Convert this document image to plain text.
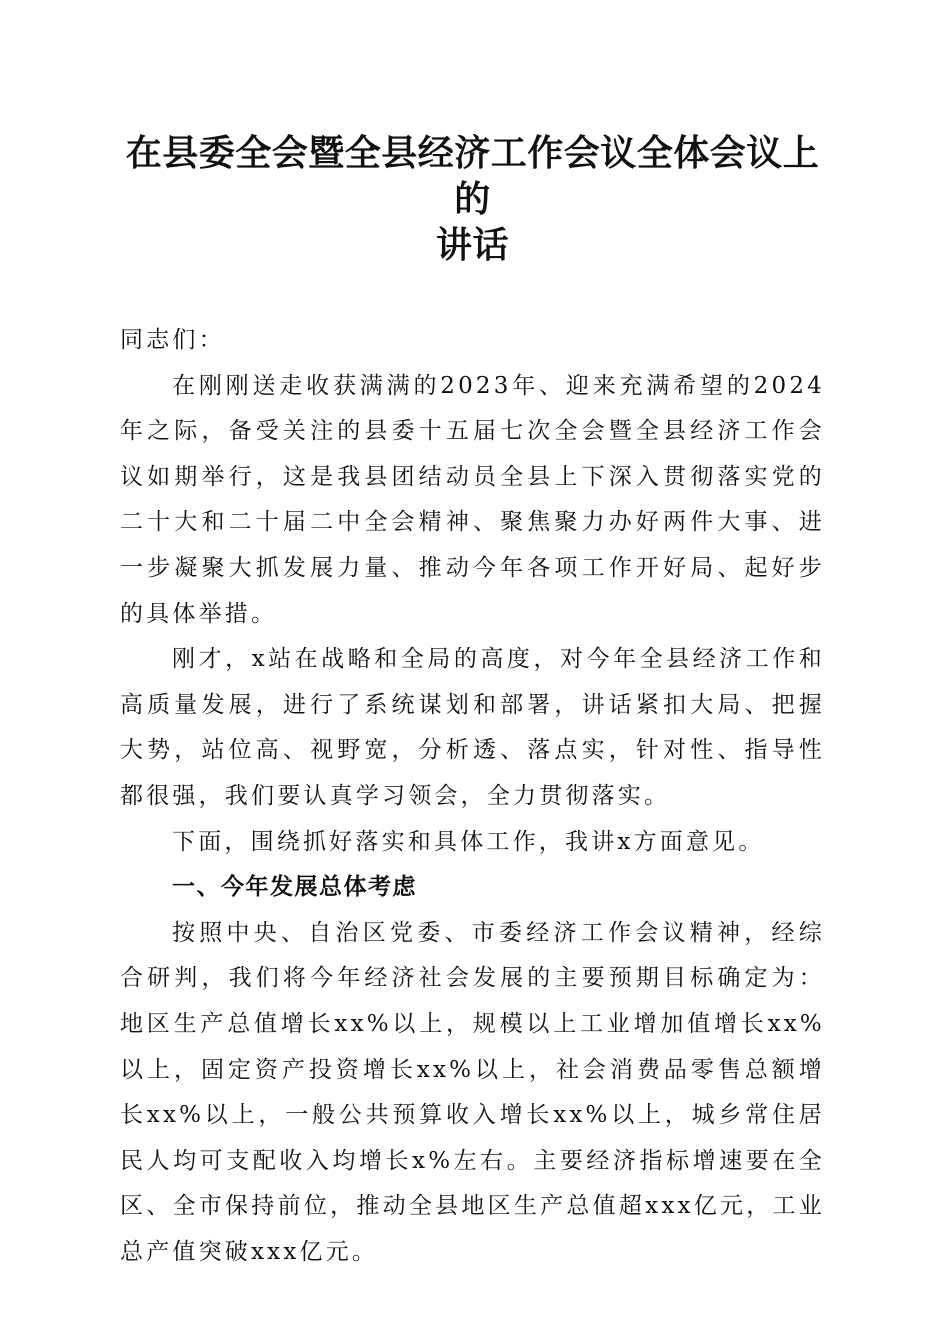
在县委全会暨全县经济工作会议全体会议上的
讲话

同志们：

在刚刚送走收获满满的2023年、迎来充满希望的2024年之际，备受关注的县委十五届七次全会暨全县经济工作会议如期举行，这是我县团结动员全县上下深入贯彻落实党的二十大和二十届二中全会精神、聚焦聚力办好两件大事、进一步凝聚大抓发展力量、推动今年各项工作开好局、起好步的具体举措。

刚才，x站在战略和全局的高度，对今年全县经济工作和高质量发展，进行了系统谋划和部署，讲话紧扣大局、把握大势，站位高、视野宽，分析透、落点实，针对性、指导性都很强，我们要认真学习领会，全力贯彻落实。

下面，围绕抓好落实和具体工作，我讲x方面意见。

一、今年发展总体考虑

按照中央、自治区党委、市委经济工作会议精神，经综合研判，我们将今年经济社会发展的主要预期目标确定为：地区生产总值增长xx%以上，规模以上工业增加值增长xx%以上，固定资产投资增长xx%以上，社会消费品零售总额增长xx%以上，一般公共预算收入增长xx%以上，城乡常住居民人均可支配收入均增长x%左右。主要经济指标增速要在全区、全市保持前位，推动全县地区生产总值超xxx亿元，工业总产值突破xxx亿元。
